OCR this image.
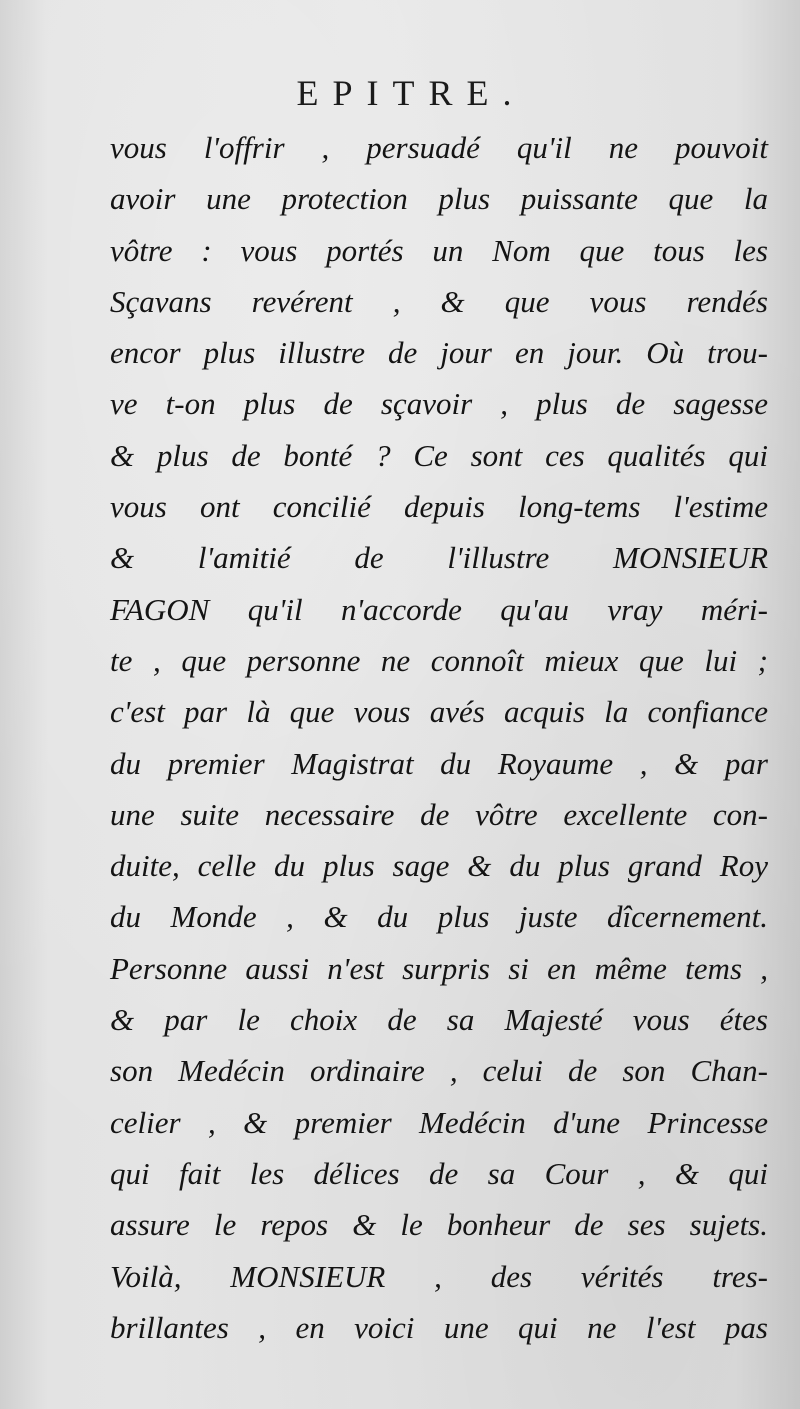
EPITRE.
vous l'offrir , persuadé qu'il ne pouvoit
avoir une protection plus puissante que la
vôtre : vous portés un Nom que tous les
Sçavans revérent , & que vous rendés
encor plus illustre de jour en jour. Où trou-
ve t-on plus de sçavoir , plus de sagesse
& plus de bonté ? Ce sont ces qualités qui
vous ont concilié depuis long-tems l'estime
& l'amitié de l'illustre MONSIEUR
FAGON qu'il n'accorde qu'au vray méri-
te , que personne ne connoît mieux que lui ;
c'est par là que vous avés acquis la confiance
du premier Magistrat du Royaume , & par
une suite necessaire de vôtre excellente con-
duite, celle du plus sage & du plus grand Roy
du Monde , & du plus juste dîcernement.
Personne aussi n'est surpris si en même tems ,
& par le choix de sa Majesté vous étes
son Medécin ordinaire , celui de son Chan-
celier , & premier Medécin d'une Princesse
qui fait les délices de sa Cour , & qui
assure le repos & le bonheur de ses sujets.
Voilà, MONSIEUR , des vérités tres-
brillantes , en voici une qui ne l'est pas
